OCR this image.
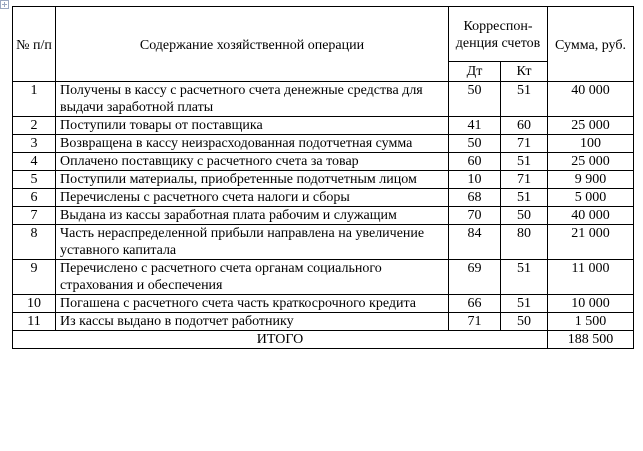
№ п/п	Содержание хозяйственной операции	Корреспон-денция счетов		Сумма, руб.
		Дт	Кт	
1	Получены в кассу с расчетного счета денежные средства для выдачи заработной платы	50	51	40 000
2	Поступили товары от поставщика	41	60	25 000
3	Возвращена в кассу неизрасходованная подотчетная сумма	50	71	100
4	Оплачено поставщику с расчетного счета за товар	60	51	25 000
5	Поступили материалы, приобретенные подотчетным лицом	10	71	9 900
6	Перечислены с расчетного счета налоги и сборы	68	51	5 000
7	Выдана из кассы заработная плата рабочим и служащим	70	50	40 000
8	Часть нераспределенной прибыли направлена на увеличение уставного капитала	84	80	21 000
9	Перечислено с расчетного счета органам социального страхования и обеспечения	69	51	11 000
10	Погашена с расчетного счета часть краткосрочного кредита	66	51	10 000
11	Из кассы выдано в подотчет работнику	71	50	1 500
ИТОГО				188 500
